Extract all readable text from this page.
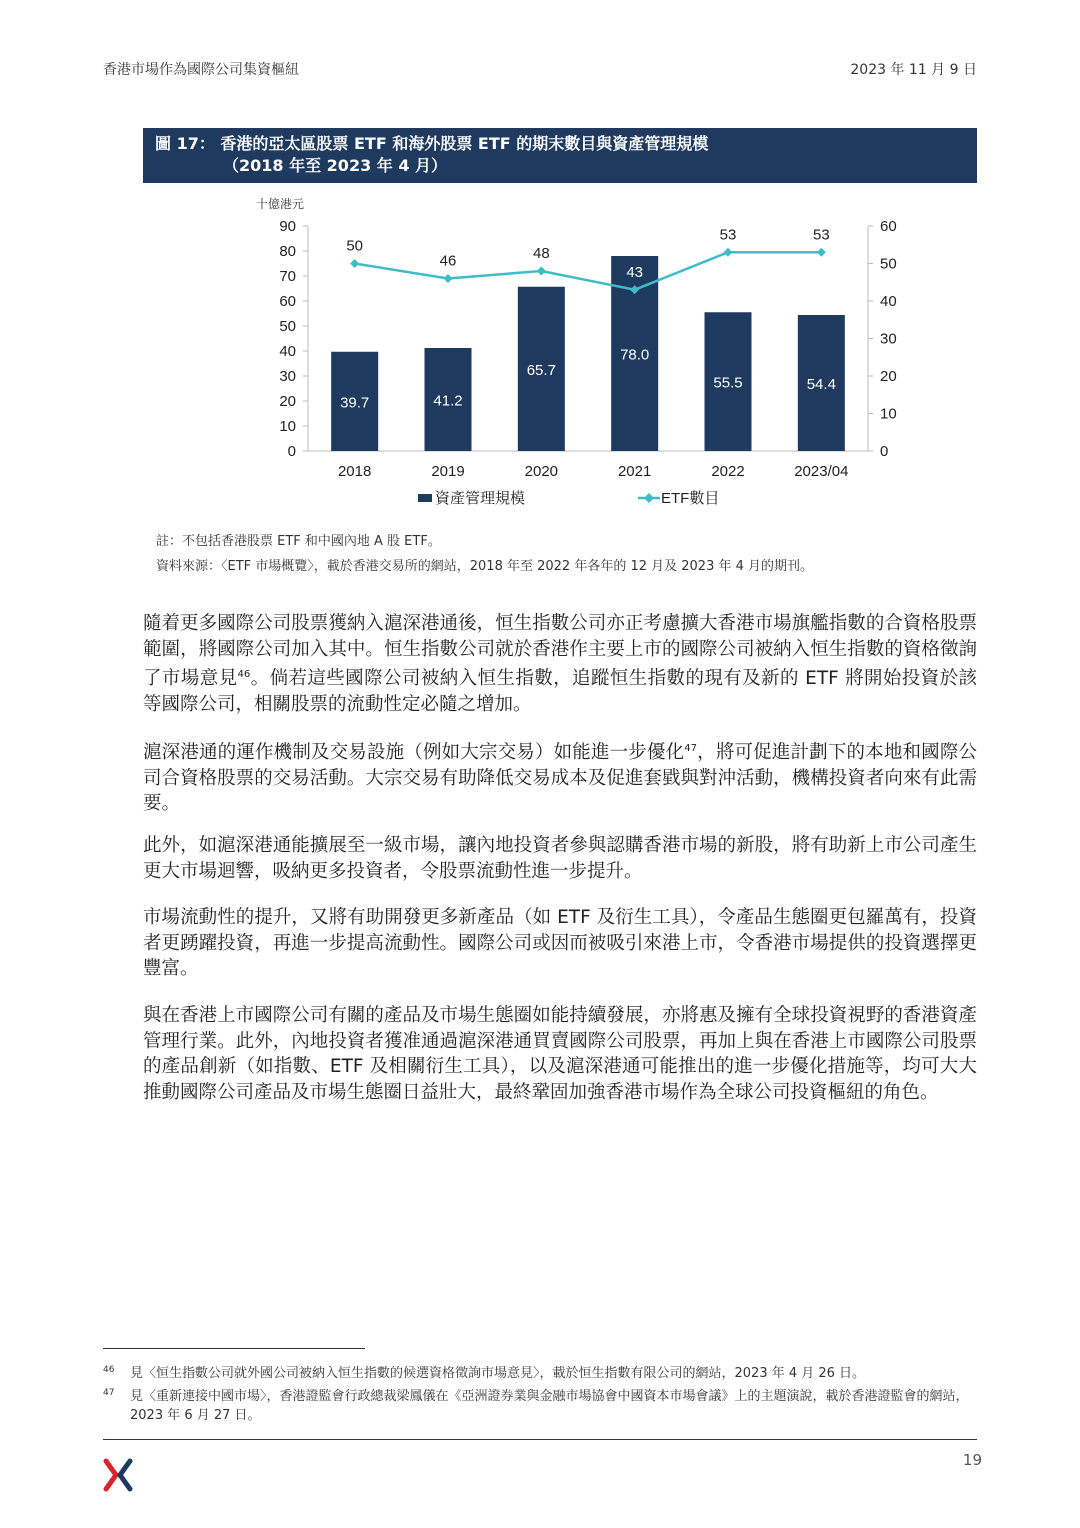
香港市場作為國際公司集資樞紐	2023 年 11 月 9 日
圖 17： 香港的亞太區股票 ETF 和海外股票 ETF 的期末數目與資產管理規模
（2018 年至 2023 年 4 月）
十億港元
0
10
20
30
40
50
60
70
80
90
0
10
20
30
40
50
60
39.7	41.2
65.7
78.0
55.5	54.4
2018	2019	2020	2021	2022	2023/04
50
46	48
43
53	53
資產管理規模	ETF數目
註：不包括香港股票 ETF 和中國內地 A 股 ETF。
資料來源：〈ETF 市場概覽〉，載於香港交易所的網站，2018 年至 2022 年各年的 12 月及 2023 年 4 月的期刊。

隨着更多國際公司股票獲納入滬深港通後，恒生指數公司亦正考慮擴大香港市場旗艦指數的合資格股票範圍，將國際公司加入其中。恒生指數公司就於香港作主要上市的國際公司被納入恒生指數的資格徵詢了市場意見$^{46}$。倘若這些國際公司被納入恒生指數，追蹤恒生指數的現有及新的 ETF 將開始投資於該等國際公司，相關股票的流動性定必隨之增加。

滬深港通的運作機制及交易設施（例如大宗交易）如能進一步優化$^{47}$，將可促進計劃下的本地和國際公司合資格股票的交易活動。大宗交易有助降低交易成本及促進套戥與對沖活動，機構投資者向來有此需要。

此外，如滬深港通能擴展至一級市場，讓內地投資者參與認購香港市場的新股，將有助新上市公司產生更大市場迴響，吸納更多投資者，令股票流動性進一步提升。

市場流動性的提升，又將有助開發更多新產品（如 ETF 及衍生工具），令產品生態圈更包羅萬有，投資者更踴躍投資，再進一步提高流動性。國際公司或因而被吸引來港上市，令香港市場提供的投資選擇更豐富。

與在香港上市國際公司有關的產品及市場生態圈如能持續發展，亦將惠及擁有全球投資視野的香港資產管理行業。此外，內地投資者獲准通過滬深港通買賣國際公司股票，再加上與在香港上市國際公司股票的產品創新（如指數、ETF 及相關衍生工具），以及滬深港通可能推出的進一步優化措施等，均可大大推動國際公司產品及市場生態圈日益壯大，最終鞏固加強香港市場作為全球公司投資樞紐的角色。

46	見〈恒生指數公司就外國公司被納入恒生指數的候選資格徵詢市場意見〉，載於恒生指數有限公司的網站，2023 年 4 月 26 日。
47	見〈重新連接中國市場〉，香港證監會行政總裁梁鳳儀在《亞洲證券業與金融市場協會中國資本市場會議》上的主題演說，載於香港證監會的網站，2023 年 6 月 27 日。
19
